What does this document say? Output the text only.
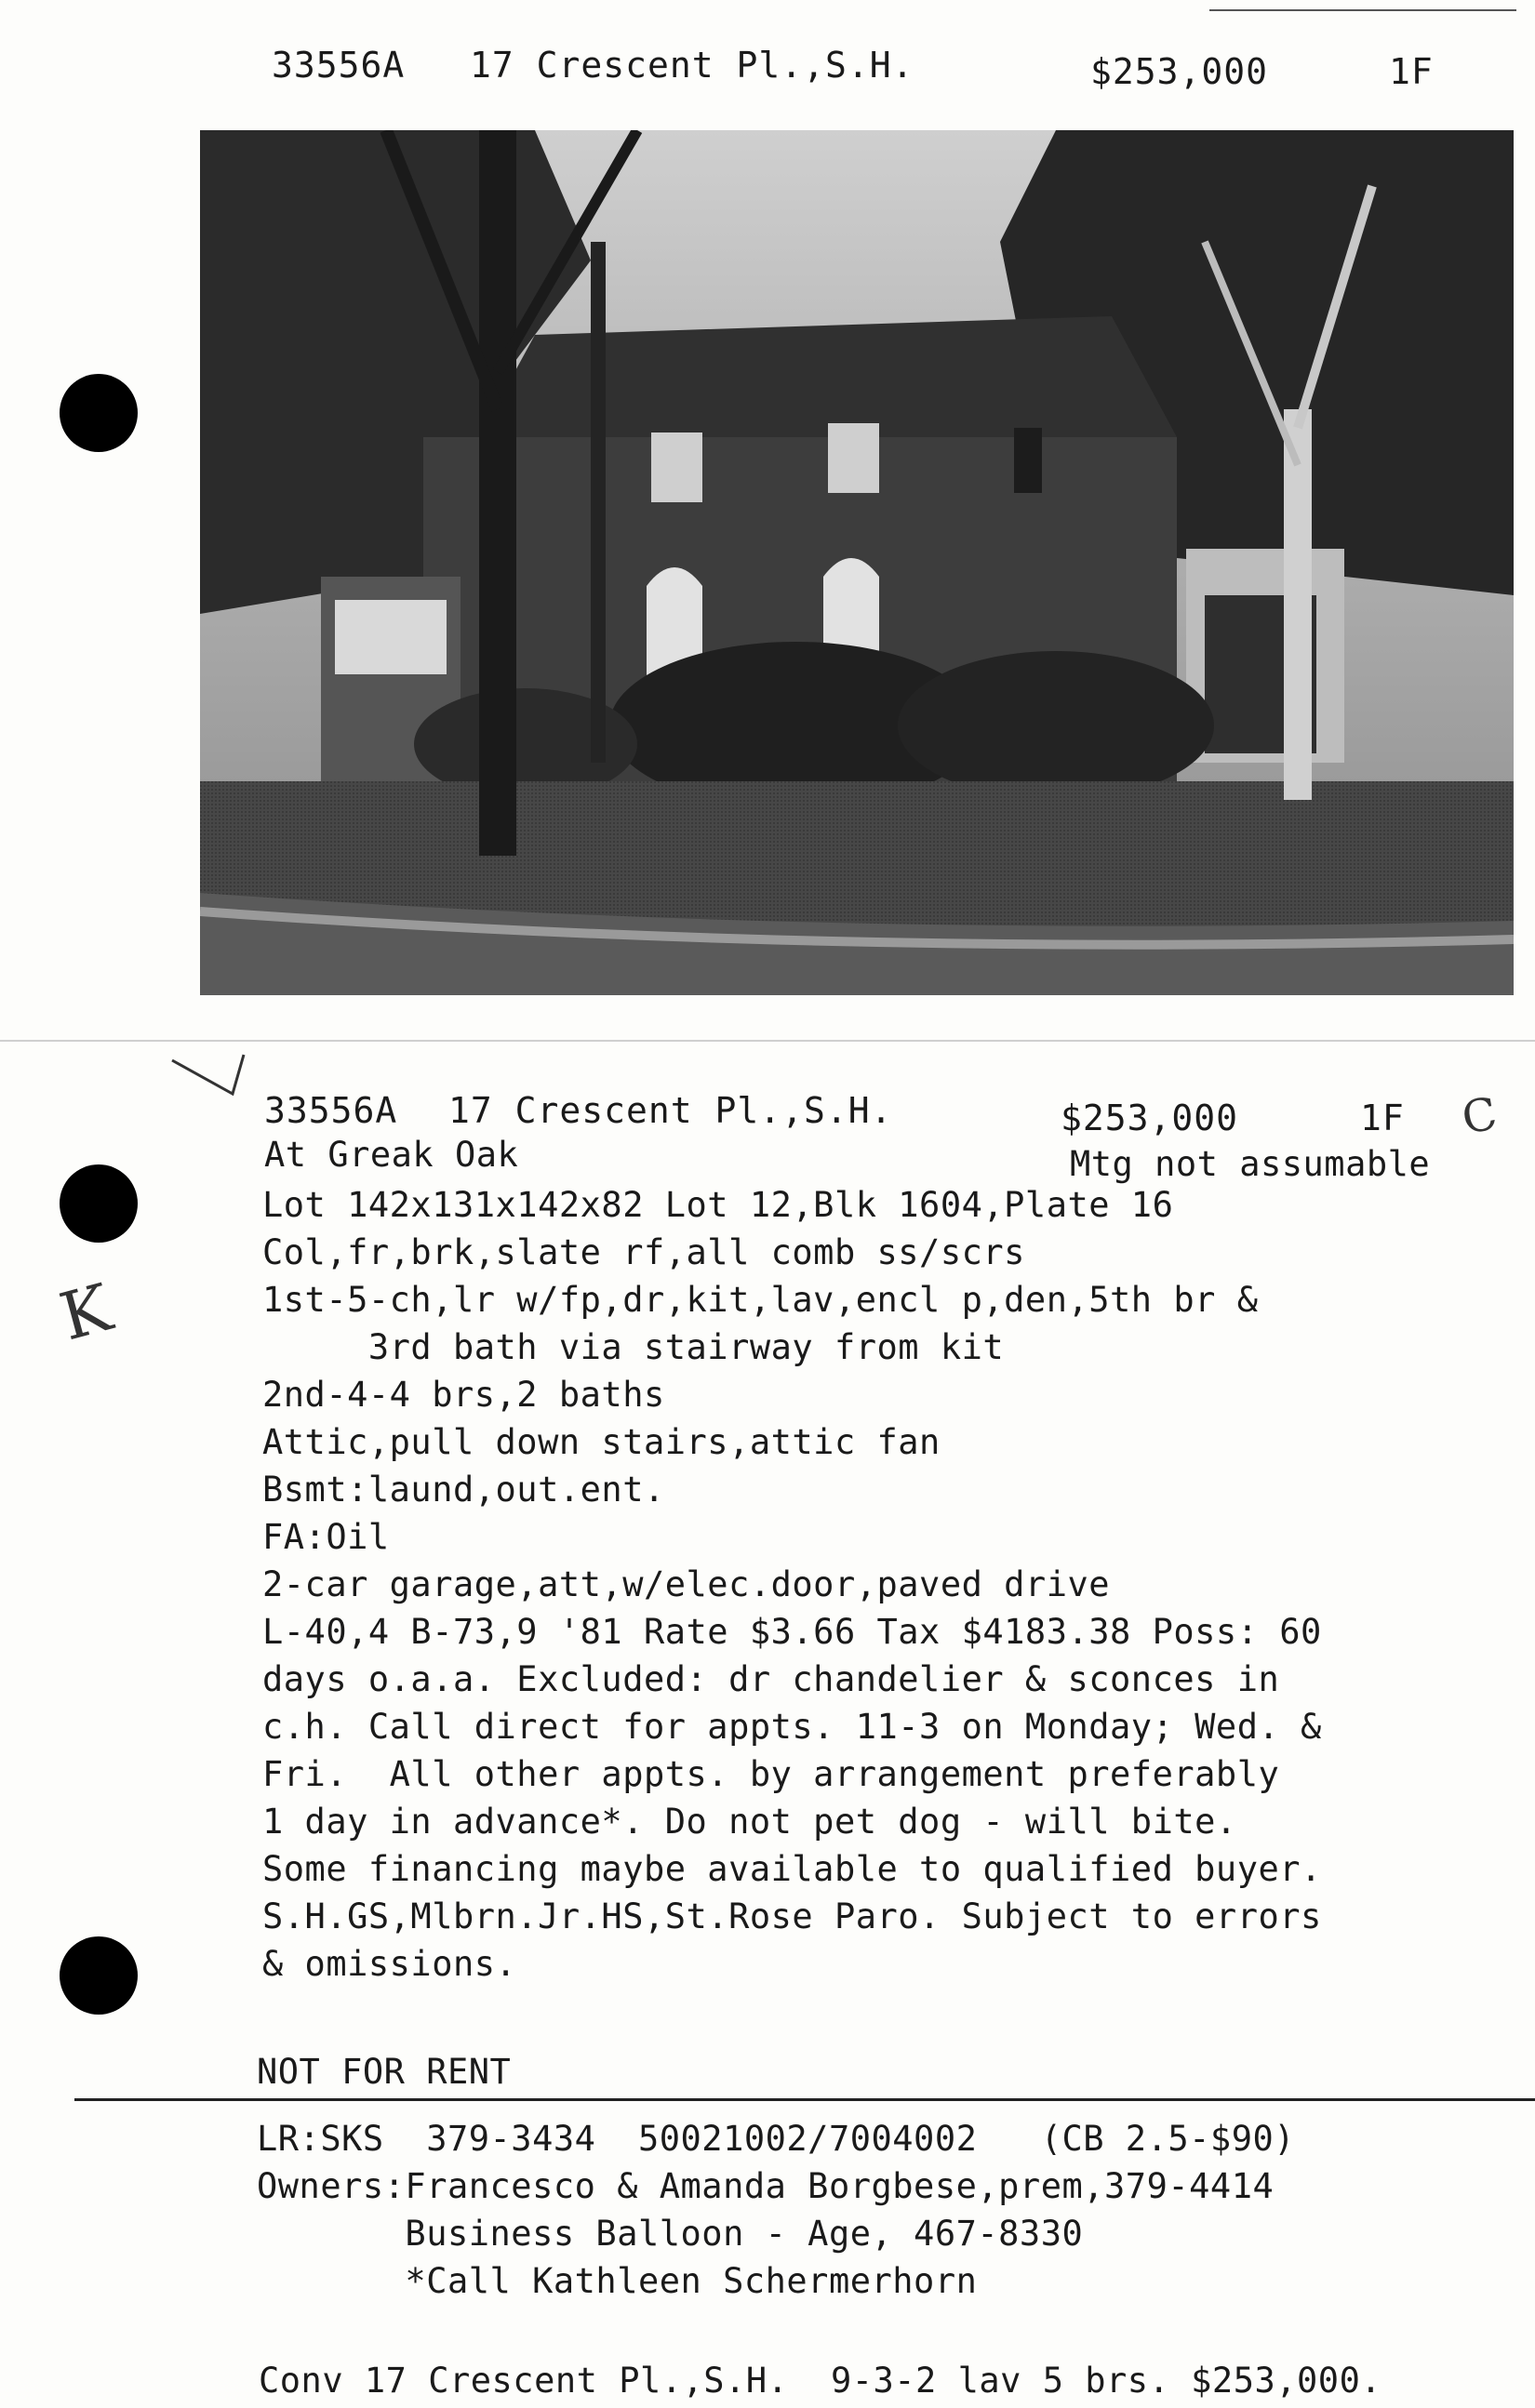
33556A 17 Crescent Pl.,S.H.	$253,000	1F
K
C
33556A 17 Crescent Pl.,S.H.	$253,000	1F
At Greak Oak	Mtg not assumable
Lot 142x131x142x82 Lot 12,Blk 1604,Plate 16
Col,fr,brk,slate rf,all comb ss/scrs
1st-5-ch,lr w/fp,dr,kit,lav,encl p,den,5th br &
3rd bath via stairway from kit
2nd-4-4 brs,2 baths
Attic,pull down stairs,attic fan
Bsmt:laund,out.ent.
FA:Oil
2-car garage,att,w/elec.door,paved drive
L-40,4 B-73,9 '81 Rate $3.66 Tax $4183.38 Poss: 60
days o.a.a. Excluded: dr chandelier & sconces in
c.h. Call direct for appts. 11-3 on Monday; Wed. &
Fri.  All other appts. by arrangement preferably
1 day in advance*. Do not pet dog - will bite.
Some financing maybe available to qualified buyer.
S.H.GS,Mlbrn.Jr.HS,St.Rose Paro. Subject to errors
& omissions.
NOT FOR RENT
LR:SKS  379-3434  50021002/7004002   (CB 2.5-$90)
Owners:Francesco & Amanda Borgbese,prem,379-4414
Business Balloon - Age, 467-8330
*Call Kathleen Schermerhorn
Conv 17 Crescent Pl.,S.H.  9-3-2 lav 5 brs. $253,000.
